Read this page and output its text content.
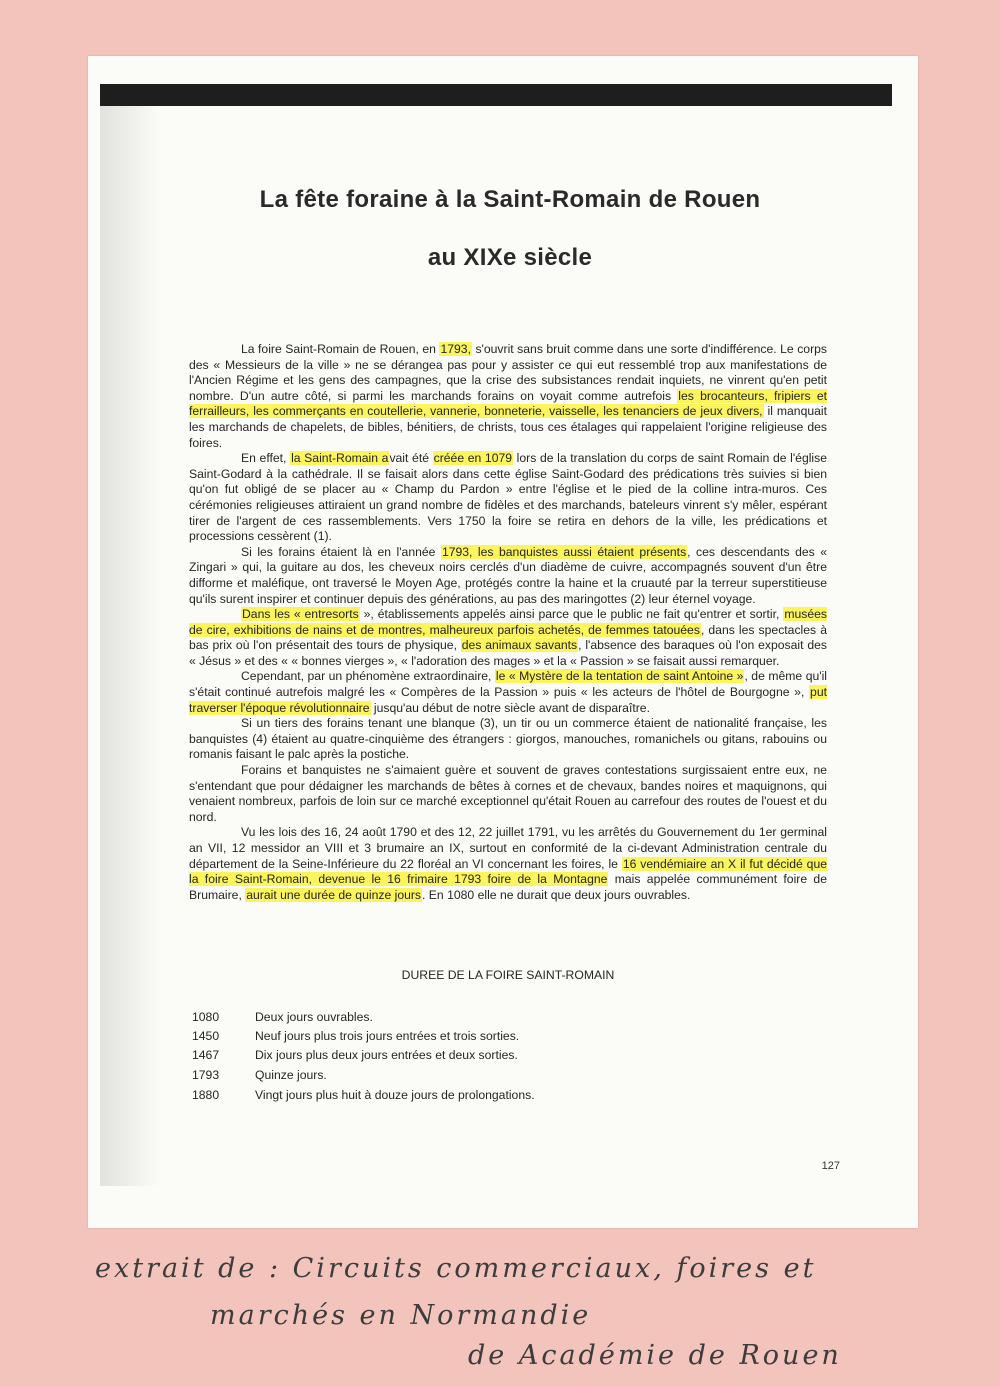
La fête foraine à la Saint-Romain de Rouen
au XIXe siècle

La foire Saint-Romain de Rouen, en 1793, s'ouvrit sans bruit comme dans une sorte d'indifférence. Le corps des « Messieurs de la ville » ne se dérangea pas pour y assister ce qui eut ressemblé trop aux manifestations de l'Ancien Régime et les gens des campagnes, que la crise des subsistances rendait inquiets, ne vinrent qu'en petit nombre. D'un autre côté, si parmi les marchands forains on voyait comme autrefois les brocanteurs, fripiers et ferrailleurs, les commerçants en coutellerie, vannerie, bonneterie, vaisselle, les tenanciers de jeux divers, il manquait les marchands de chapelets, de bibles, bénitiers, de christs, tous ces étalages qui rappelaient l'origine religieuse des foires.

En effet, la Saint-Romain avait été créée en 1079 lors de la translation du corps de saint Romain de l'église Saint-Godard à la cathédrale. Il se faisait alors dans cette église Saint-Godard des prédications très suivies si bien qu'on fut obligé de se placer au « Champ du Pardon » entre l'église et le pied de la colline intra-muros. Ces cérémonies religieuses attiraient un grand nombre de fidèles et des marchands, bateleurs vinrent s'y mêler, espérant tirer de l'argent de ces rassemblements. Vers 1750 la foire se retira en dehors de la ville, les prédications et processions cessèrent (1).

Si les forains étaient là en l'année 1793, les banquistes aussi étaient présents, ces descendants des « Zingari » qui, la guitare au dos, les cheveux noirs cerclés d'un diadème de cuivre, accompagnés souvent d'un être difforme et maléfique, ont traversé le Moyen Age, protégés contre la haine et la cruauté par la terreur superstitieuse qu'ils surent inspirer et continuer depuis des générations, au pas des maringottes (2) leur éternel voyage.

Dans les « entresorts », établissements appelés ainsi parce que le public ne fait qu'entrer et sortir, musées de cire, exhibitions de nains et de montres, malheureux parfois achetés, de femmes tatouées, dans les spectacles à bas prix où l'on présentait des tours de physique, des animaux savants, l'absence des baraques où l'on exposait des « Jésus » et des « « bonnes vierges », « l'adoration des mages » et la « Passion » se faisait aussi remarquer.

Cependant, par un phénomène extraordinaire, le « Mystère de la tentation de saint Antoine », de même qu'il s'était continué autrefois malgré les « Compères de la Passion » puis « les acteurs de l'hôtel de Bourgogne », put traverser l'époque révolutionnaire jusqu'au début de notre siècle avant de disparaître.

Si un tiers des forains tenant une blanque (3), un tir ou un commerce étaient de nationalité française, les banquistes (4) étaient au quatre-cinquième des étrangers : giorgos, manouches, romanichels ou gitans, rabouins ou romanis faisant le palc après la postiche.

Forains et banquistes ne s'aimaient guère et souvent de graves contestations surgissaient entre eux, ne s'entendant que pour dédaigner les marchands de bêtes à cornes et de chevaux, bandes noires et maquignons, qui venaient nombreux, parfois de loin sur ce marché exceptionnel qu'était Rouen au carrefour des routes de l'ouest et du nord.

Vu les lois des 16, 24 août 1790 et des 12, 22 juillet 1791, vu les arrêtés du Gouvernement du 1er germinal an VII, 12 messidor an VIII et 3 brumaire an IX, surtout en conformité de la ci-devant Administration centrale du département de la Seine-Inférieure du 22 floréal an VI concernant les foires, le 16 vendémiaire an X il fut décidé que la foire Saint-Romain, devenue le 16 frimaire 1793 foire de la Montagne mais appelée communément foire de Brumaire, aurait une durée de quinze jours. En 1080 elle ne durait que deux jours ouvrables.

DUREE DE LA FOIRE SAINT-ROMAIN
1080	Deux jours ouvrables.
1450	Neuf jours plus trois jours entrées et trois sorties.
1467	Dix jours plus deux jours entrées et deux sorties.
1793	Quinze jours.
1880	Vingt jours plus huit à douze jours de prolongations.
127
extrait de : Circuits commerciaux, foires et
marchés en Normandie
de Académie de Rouen
